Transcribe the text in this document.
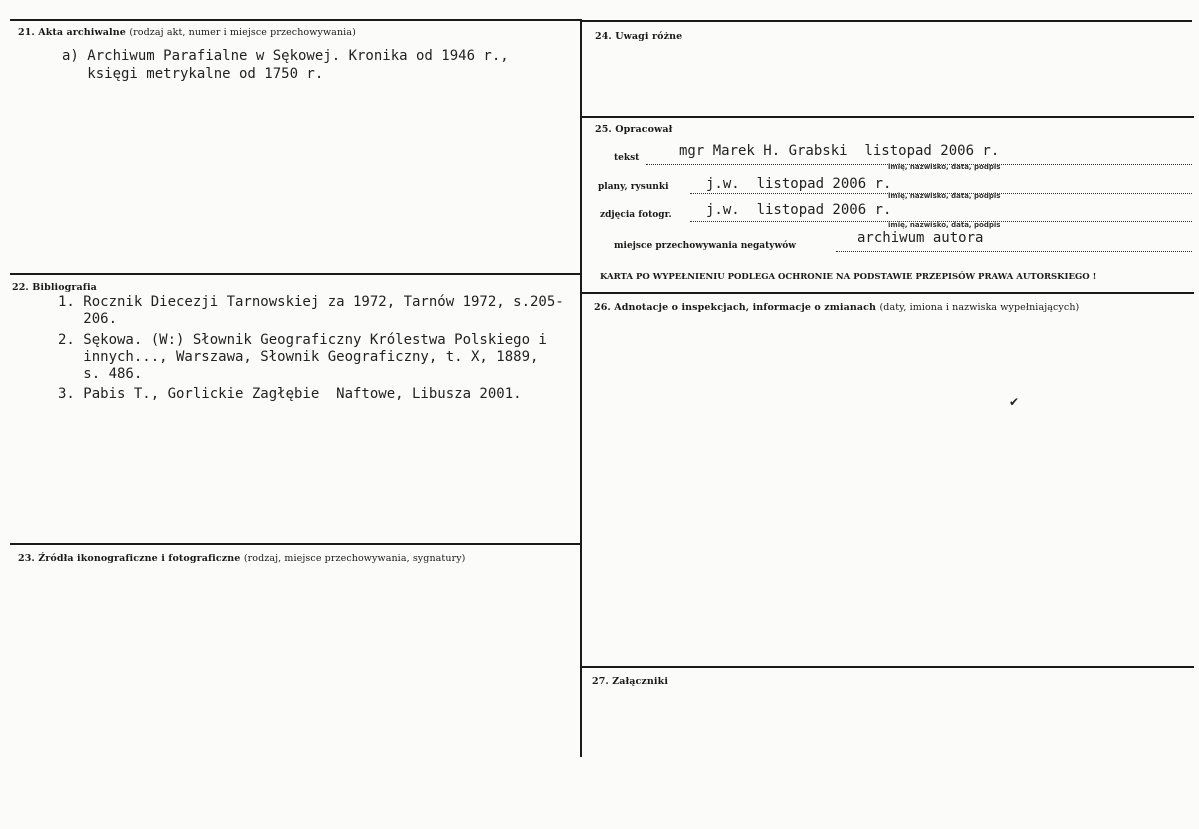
21. Akta archiwalne (rodzaj akt, numer i miejsce przechowywania)
a) Archiwum Parafialne w Sękowej. Kronika od 1946 r.,
księgi metrykalne od 1750 r.
22. Bibliografia
1. Rocznik Diecezji Tarnowskiej za 1972, Tarnów 1972, s.205-
206.
2. Sękowa. (W:) Słownik Geograficzny Królestwa Polskiego i
innych..., Warszawa, Słownik Geograficzny, t. X, 1889,
s. 486.
3. Pabis T., Gorlickie Zagłębie  Naftowe, Libusza 2001.
23. Źródła ikonograficzne i fotograficzne (rodzaj, miejsce przechowywania, sygnatury)
24. Uwagi różne
25. Opracował
tekst	mgr Marek H. Grabski  listopad 2006 r.
imię, nazwisko, data, podpis
plany, rysunki	j.w.  listopad 2006 r.
imię, nazwisko, data, podpis
zdjęcia fotogr. j.w.  listopad 2006 r.
imię, nazwisko, data, podpis
miejsce przechowywania negatywów	archiwum autora
KARTA PO WYPEŁNIENIU PODLEGA OCHRONIE NA PODSTAWIE PRZEPISÓW PRAWA AUTORSKIEGO !
26. Adnotacje o inspekcjach, informacje o zmianach (daty, imiona i nazwiska wypełniających)
✔
27. Załączniki
